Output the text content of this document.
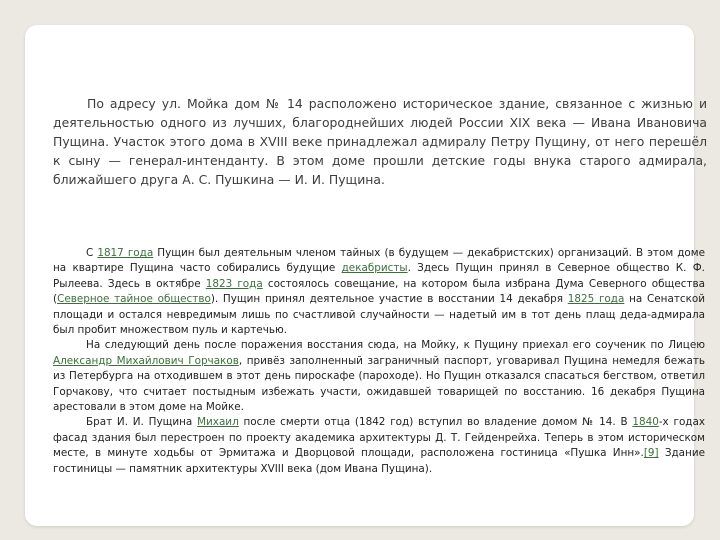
По адресу ул. Мойка дом № 14 расположено историческое здание, связанное с жизнью и деятельностью одного из лучших, благороднейших людей России XIX века — Ивана Ивановича Пущина. Участок этого дома в XVIII веке принадлежал адмиралу Петру Пущину, от него перешёл к сыну — генерал-интенданту. В этом доме прошли детские годы внука старого адмирала, ближайшего друга А. С. Пушкина — И. И. Пущина.

С 1817 года Пущин был деятельным членом тайных (в будущем — декабристских) организаций. В этом доме на квартире Пущина часто собирались будущие декабристы. Здесь Пущин принял в Северное общество К. Ф. Рылеева. Здесь в октябре 1823 года состоялось совещание, на котором была избрана Дума Северного общества (Северное тайное общество). Пущин принял деятельное участие в восстании 14 декабря 1825 года на Сенатской площади и остался невредимым лишь по счастливой случайности — надетый им в тот день плащ деда-адмирала был пробит множеством пуль и картечью.

На следующий день после поражения восстания сюда, на Мойку, к Пущину приехал его соученик по Лицею Александр Михайлович Горчаков, привёз заполненный заграничный паспорт, уговаривал Пущина немедля бежать из Петербурга на отходившем в этот день пироскафе (пароходе). Но Пущин отказался спасаться бегством, ответил Горчакову, что считает постыдным избежать участи, ожидавшей товарищей по восстанию. 16 декабря Пущина арестовали в этом доме на Мойке.

Брат И. И. Пущина Михаил после смерти отца (1842 год) вступил во владение домом № 14. В 1840-х годах фасад здания был перестроен по проекту академика архитектуры Д. Т. Гейденрейха. Теперь в этом историческом месте, в минуте ходьбы от Эрмитажа и Дворцовой площади, расположена гостиница «Пушка Инн».[9] Здание гостиницы — памятник архитектуры XVIII века (дом Ивана Пущина).
